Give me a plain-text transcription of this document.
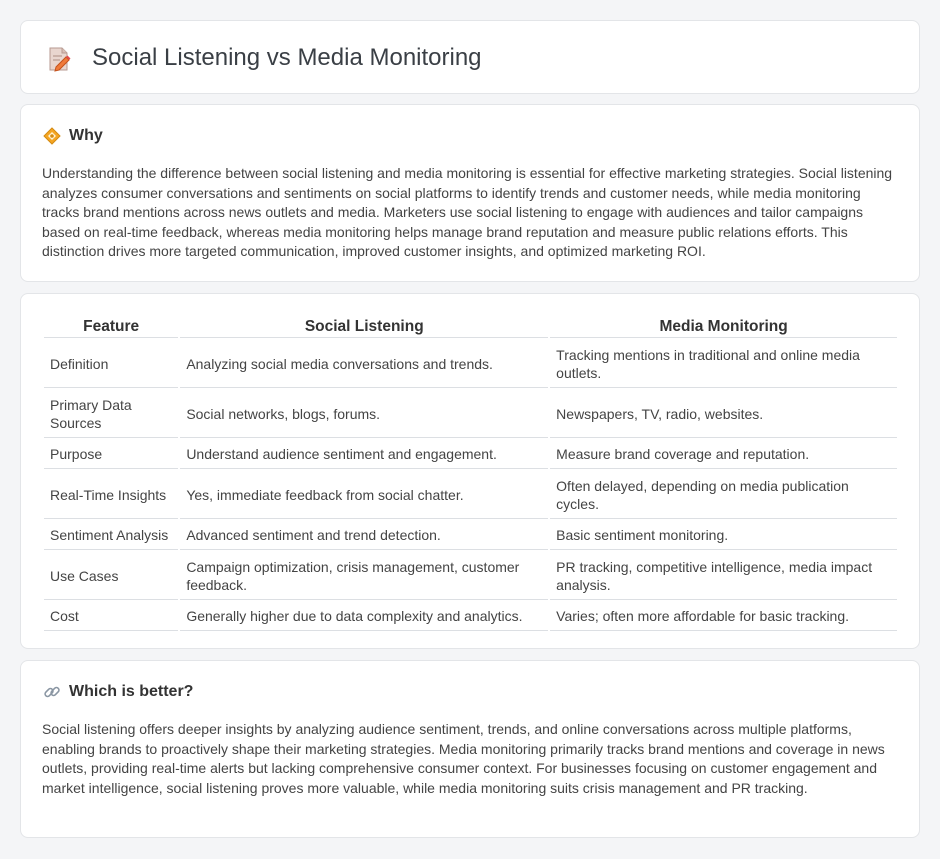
Social Listening vs Media Monitoring
Why

Understanding the difference between social listening and media monitoring is essential for effective marketing strategies. Social listening analyzes consumer conversations and sentiments on social platforms to identify trends and customer needs, while media monitoring tracks brand mentions across news outlets and media. Marketers use social listening to engage with audiences and tailor campaigns based on real-time feedback, whereas media monitoring helps manage brand reputation and measure public relations efforts. This distinction drives more targeted communication, improved customer insights, and optimized marketing ROI.

Feature	Social Listening	Media Monitoring
Definition	Analyzing social media conversations and trends.	Tracking mentions in traditional and online media outlets.
Primary Data Sources	Social networks, blogs, forums.	Newspapers, TV, radio, websites.
Purpose	Understand audience sentiment and engagement.	Measure brand coverage and reputation.
Real-Time Insights	Yes, immediate feedback from social chatter.	Often delayed, depending on media publication cycles.
Sentiment Analysis	Advanced sentiment and trend detection.	Basic sentiment monitoring.
Use Cases	Campaign optimization, crisis management, customer feedback.	PR tracking, competitive intelligence, media impact analysis.
Cost	Generally higher due to data complexity and analytics.	Varies; often more affordable for basic tracking.
Which is better?

Social listening offers deeper insights by analyzing audience sentiment, trends, and online conversations across multiple platforms, enabling brands to proactively shape their marketing strategies. Media monitoring primarily tracks brand mentions and coverage in news outlets, providing real-time alerts but lacking comprehensive consumer context. For businesses focusing on customer engagement and market intelligence, social listening proves more valuable, while media monitoring suits crisis management and PR tracking.
